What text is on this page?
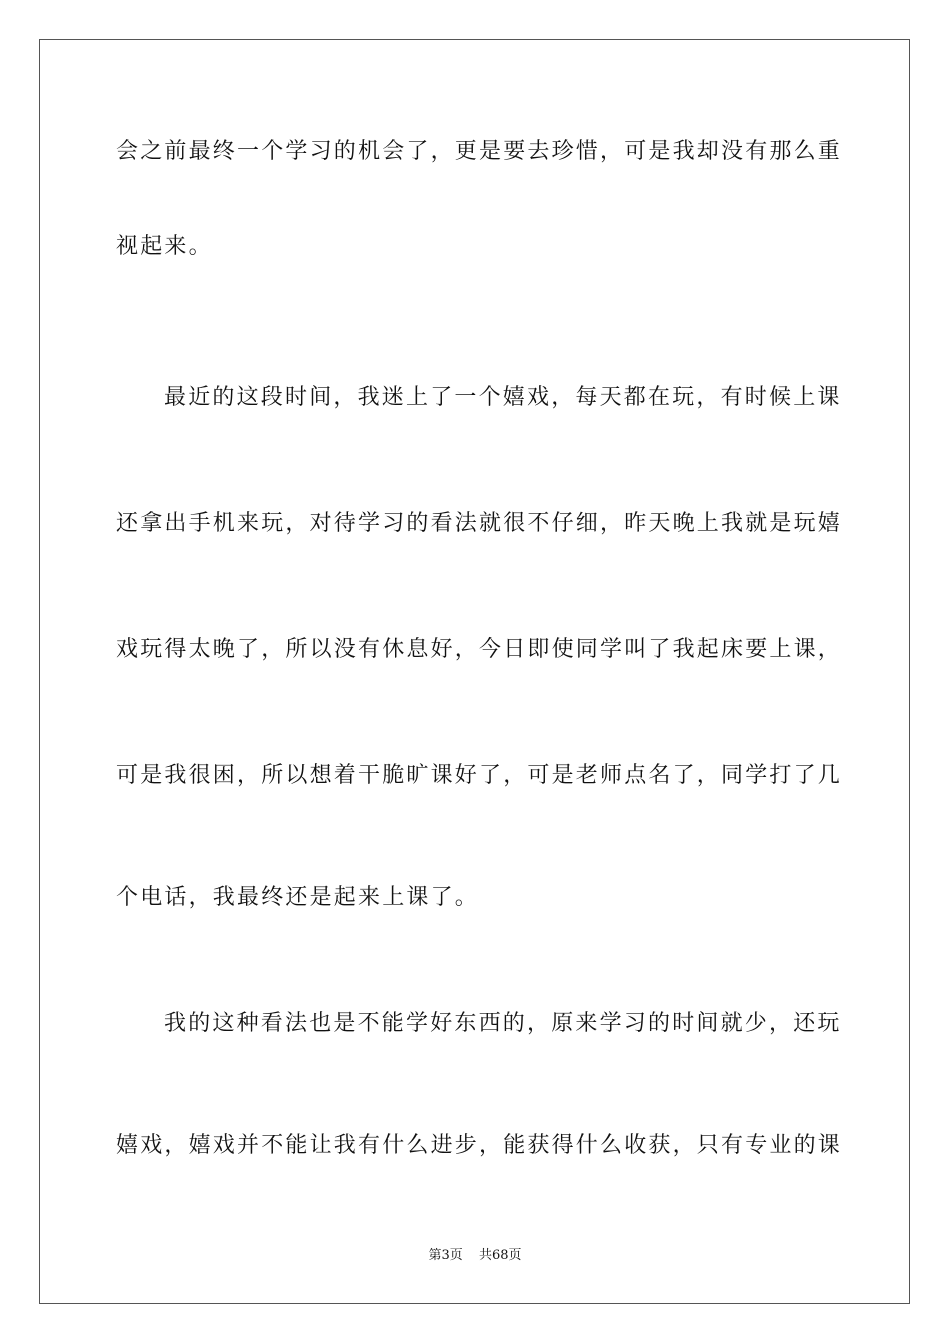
会之前最终一个学习的机会了，更是要去珍惜，可是我却没有那么重
视起来。
最近的这段时间，我迷上了一个嬉戏，每天都在玩，有时候上课
还拿出手机来玩，对待学习的看法就很不仔细，昨天晚上我就是玩嬉
戏玩得太晚了，所以没有休息好，今日即使同学叫了我起床要上课，
可是我很困，所以想着干脆旷课好了，可是老师点名了，同学打了几
个电话，我最终还是起来上课了。
我的这种看法也是不能学好东西的，原来学习的时间就少，还玩
嬉戏，嬉戏并不能让我有什么进步，能获得什么收获，只有专业的课
第3页 共68页
